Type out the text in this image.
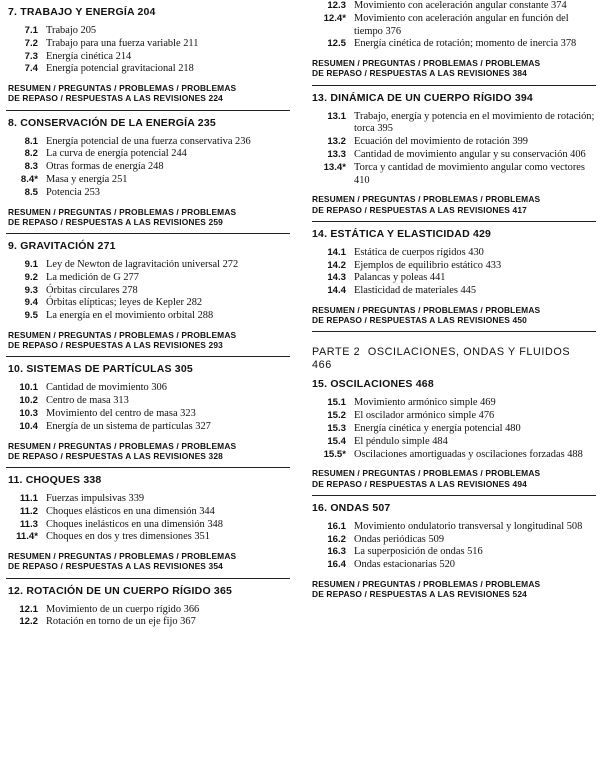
7. TRABAJO Y ENERGÍA 204
7.1 Trabajo 205
7.2 Trabajo para una fuerza variable 211
7.3 Energía cinética 214
7.4 Energía potencial gravitacional 218
RESUMEN / PREGUNTAS / PROBLEMAS / PROBLEMAS
DE REPASO / RESPUESTAS A LAS REVISIONES 224
8. CONSERVACIÓN DE LA ENERGÍA 235
8.1 Energía potencial de una fuerza conservativa 236
8.2 La curva de energía potencial 244
8.3 Otras formas de energía 248
8.4* Masa y energía 251
8.5 Potencia 253
RESUMEN / PREGUNTAS / PROBLEMAS / PROBLEMAS
DE REPASO / RESPUESTAS A LAS REVISIONES 259
9. GRAVITACIÓN 271
9.1 Ley de Newton de lagravitación universal 272
9.2 La medición de G 277
9.3 Órbitas circulares 278
9.4 Órbitas elípticas; leyes de Kepler 282
9.5 La energía en el movimiento orbital 288
RESUMEN / PREGUNTAS / PROBLEMAS / PROBLEMAS
DE REPASO / RESPUESTAS A LAS REVISIONES 293
10. SISTEMAS DE PARTÍCULAS 305
10.1 Cantidad de movimiento 306
10.2 Centro de masa 313
10.3 Movimiento del centro de masa 323
10.4 Energía de un sistema de partículas 327
RESUMEN / PREGUNTAS / PROBLEMAS / PROBLEMAS
DE REPASO / RESPUESTAS A LAS REVISIONES 328
11. CHOQUES 338
11.1 Fuerzas impulsivas 339
11.2 Choques elásticos en una dimensión 344
11.3 Choques inelásticos en una dimensión 348
11.4* Choques en dos y tres dimensiones 351
RESUMEN / PREGUNTAS / PROBLEMAS / PROBLEMAS
DE REPASO / RESPUESTAS A LAS REVISIONES 354
12. ROTACIÓN DE UN CUERPO RÍGIDO 365
12.1 Movimiento de un cuerpo rígido 366
12.2 Rotación en torno de un eje fijo 367
12.3 Movimiento con aceleración angular constante 374
12.4* Movimiento con aceleración angular en función del tiempo 376
12.5 Energía cinética de rotación; momento de inercia 378
RESUMEN / PREGUNTAS / PROBLEMAS / PROBLEMAS
DE REPASO / RESPUESTAS A LAS REVISIONES 384
13. DINÁMICA DE UN CUERPO RÍGIDO 394
13.1 Trabajo, energía y potencia en el movimiento de rotación; torca 395
13.2 Ecuación del movimiento de rotación 399
13.3 Cantidad de movimiento angular y su conservación 406
13.4* Torca y cantidad de movimiento angular como vectores 410
RESUMEN / PREGUNTAS / PROBLEMAS / PROBLEMAS
DE REPASO / RESPUESTAS A LAS REVISIONES 417
14. ESTÁTICA Y ELASTICIDAD 429
14.1 Estática de cuerpos rígidos 430
14.2 Ejemplos de equilibrio estático 433
14.3 Palancas y poleas 441
14.4 Elasticidad de materiales 445
RESUMEN / PREGUNTAS / PROBLEMAS / PROBLEMAS
DE REPASO / RESPUESTAS A LAS REVISIONES 450
PARTE 2 OSCILACIONES, ONDAS Y FLUIDOS 466
15. OSCILACIONES 468
15.1 Movimiento armónico simple 469
15.2 El oscilador armónico simple 476
15.3 Energía cinética y energía potencial 480
15.4 El péndulo simple 484
15.5* Oscilaciones amortiguadas y oscilaciones forzadas 488
RESUMEN / PREGUNTAS / PROBLEMAS / PROBLEMAS
DE REPASO / RESPUESTAS A LAS REVISIONES 494
16. ONDAS 507
16.1 Movimiento ondulatorio transversal y longitudinal 508
16.2 Ondas periódicas 509
16.3 La superposición de ondas 516
16.4 Ondas estacionarias 520
RESUMEN / PREGUNTAS / PROBLEMAS / PROBLEMAS
DE REPASO / RESPUESTAS A LAS REVISIONES 524
